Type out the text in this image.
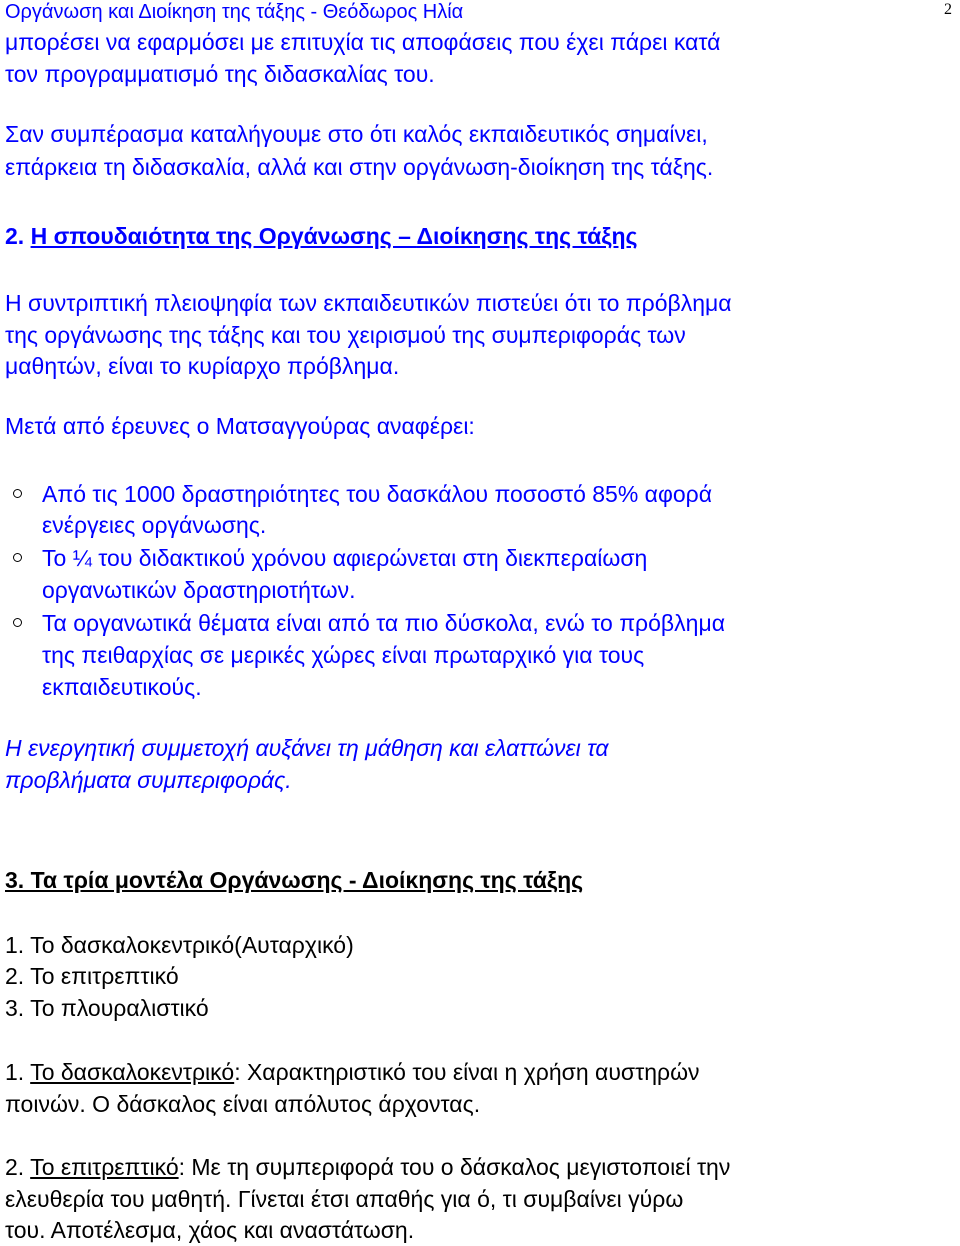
Οργάνωση και Διοίκηση της τάξης - Θεόδωρος Ηλία	2
μπορέσει να εφαρμόσει με επιτυχία τις αποφάσεις που έχει πάρει κατά
τον προγραμματισμό της διδασκαλίας του.
Σαν συμπέρασμα καταλήγουμε στο ότι καλός εκπαιδευτικός σημαίνει,
επάρκεια τη διδασκαλία, αλλά και στην οργάνωση-διοίκηση της τάξης.
2. Η σπουδαιότητα της Οργάνωσης – Διοίκησης της τάξης
Η συντριπτική πλειοψηφία των εκπαιδευτικών πιστεύει ότι το πρόβλημα
της οργάνωσης της τάξης και του χειρισμού της συμπεριφοράς των
μαθητών, είναι το κυρίαρχο πρόβλημα.
Μετά από έρευνες ο Ματσαγγούρας αναφέρει:
Από τις 1000 δραστηριότητες του δασκάλου ποσοστό 85% αφορά
ενέργειες οργάνωσης.
Το ¼ του διδακτικού χρόνου αφιερώνεται στη διεκπεραίωση
οργανωτικών δραστηριοτήτων.
Τα οργανωτικά θέματα είναι από τα πιο δύσκολα, ενώ το πρόβλημα
της πειθαρχίας σε μερικές χώρες είναι πρωταρχικό για τους
εκπαιδευτικούς.
Η ενεργητική συμμετοχή αυξάνει τη μάθηση και ελαττώνει τα
προβλήματα συμπεριφοράς.
3. Τα τρία μοντέλα Οργάνωσης - Διοίκησης της τάξης
1. Το δασκαλοκεντρικό(Αυταρχικό)
2. Το επιτρεπτικό
3. Το πλουραλιστικό
1. Το δασκαλοκεντρικό: Χαρακτηριστικό του είναι η χρήση αυστηρών
ποινών. Ο δάσκαλος είναι απόλυτος άρχοντας.
2. Το επιτρεπτικό: Με τη συμπεριφορά του ο δάσκαλος μεγιστοποιεί την
ελευθερία του μαθητή. Γίνεται έτσι απαθής για ό, τι συμβαίνει γύρω
του. Αποτέλεσμα, χάος και αναστάτωση.
